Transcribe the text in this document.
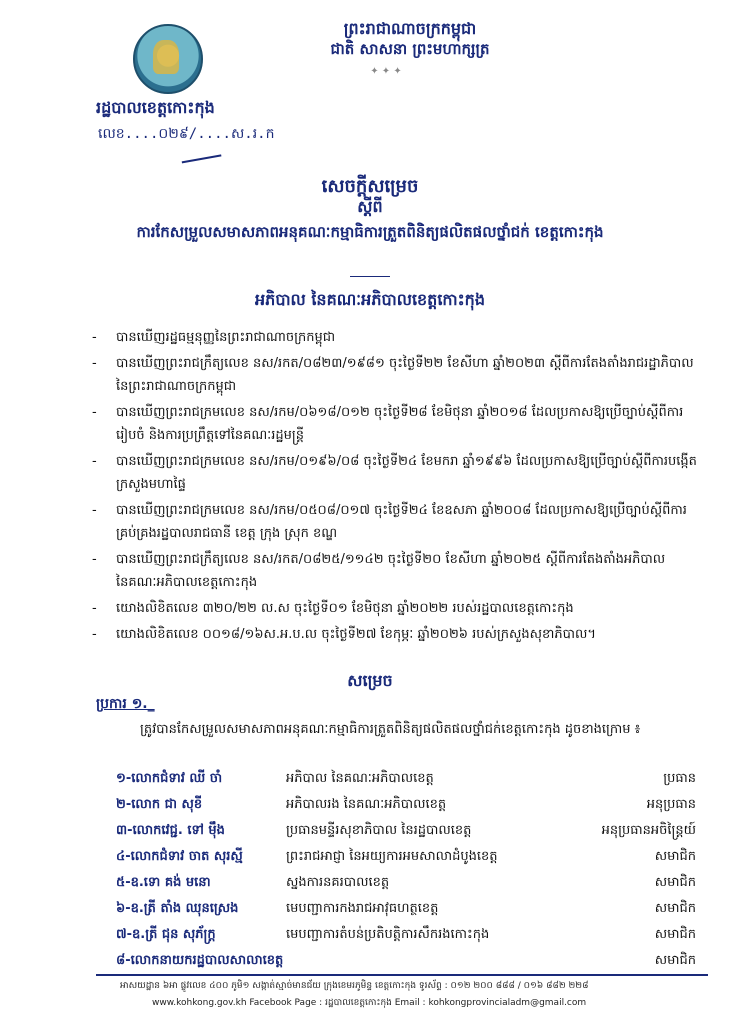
ព្រះរាជាណាចក្រកម្ពុជា
ជាតិ សាសនា ព្រះមហាក្សត្រ
✦ ✦ ✦
រដ្ឋបាលខេត្តកោះកុង
លេខ....០២៩/....ស.រ.ក
សេចក្តីសម្រេច
ស្តីពី
ការកែសម្រួលសមាសភាពអនុគណៈកម្មាធិការត្រួតពិនិត្យផលិតផលថ្នាំជក់ ខេត្តកោះកុង
អភិបាល នៃគណៈអភិបាលខេត្តកោះកុង
- បានឃើញរដ្ឋធម្មនុញ្ញនៃព្រះរាជាណាចក្រកម្ពុជា
- បានឃើញព្រះរាជក្រឹត្យលេខ នស/រកត/០៨២៣/១៩៨១ ចុះថ្ងៃទី២២ ខែសីហា ឆ្នាំ២០២៣ ស្តីពីការតែងតាំងរាជរដ្ឋាភិបាល នៃព្រះរាជាណាចក្រកម្ពុជា
- បានឃើញព្រះរាជក្រមលេខ នស/រកម/០៦១៨/០១២ ចុះថ្ងៃទី២៨ ខែមិថុនា ឆ្នាំ២០១៨ ដែលប្រកាសឱ្យប្រើច្បាប់ស្តីពីការរៀបចំ និងការប្រព្រឹត្តទៅនៃគណៈរដ្ឋមន្ត្រី
- បានឃើញព្រះរាជក្រមលេខ នស/រកម/០១៩៦/០៨ ចុះថ្ងៃទី២៤ ខែមករា ឆ្នាំ១៩៩៦ ដែលប្រកាសឱ្យប្រើច្បាប់ស្តីពីការបង្កើតក្រសួងមហាផ្ទៃ
- បានឃើញព្រះរាជក្រមលេខ នស/រកម/០៥០៨/០១៧ ចុះថ្ងៃទី២៤ ខែឧសភា ឆ្នាំ២០០៨ ដែលប្រកាសឱ្យប្រើច្បាប់ស្តីពីការគ្រប់គ្រងរដ្ឋបាលរាជធានី ខេត្ត ក្រុង ស្រុក ខណ្ឌ
- បានឃើញព្រះរាជក្រឹត្យលេខ នស/រកត/០៨២៥/១១៤២ ចុះថ្ងៃទី២០ ខែសីហា ឆ្នាំ២០២៥ ស្តីពីការតែងតាំងអភិបាលនៃគណៈអភិបាលខេត្តកោះកុង
- យោងលិខិតលេខ ៣២០/២២ ល.ស ចុះថ្ងៃទី០១ ខែមិថុនា ឆ្នាំ២០២២ របស់រដ្ឋបាលខេត្តកោះកុង
- យោងលិខិតលេខ ០០១៨/១៦ស.អ.ប.ល ចុះថ្ងៃទី២៧ ខែកុម្ភៈ ឆ្នាំ២០២៦ របស់ក្រសួងសុខាភិបាល។
សម្រេច
ប្រការ ១._
ត្រូវបានកែសម្រួលសមាសភាពអនុគណៈកម្មាធិការត្រួតពិនិត្យផលិតផលថ្នាំជក់ខេត្តកោះកុង ដូចខាងក្រោម ៖
១-លោកជំទាវ ឈី ចាំ	អភិបាល នៃគណៈអភិបាលខេត្ត	ប្រធាន
២-លោក ជា សុខី	អភិបាលរង នៃគណៈអភិបាលខេត្ត	អនុប្រធាន
៣-លោកវេជ្ជ. ទៅ ម៉ឹង	ប្រធានមន្ទីរសុខាភិបាល នៃរដ្ឋបាលខេត្ត	អនុប្រធានអចិន្ត្រៃយ៍
៤-លោកជំទាវ ចាត សុរស្មី	ព្រះរាជអាជ្ញា នៃអយ្យការអមសាលាដំបូងខេត្ត	សមាជិក
៥-ឧ.ទោ គង់ មនោ	ស្នងការនគរបាលខេត្ត	សមាជិក
៦-ឧ.ត្រី តាំង ឈុនស្រេង	មេបញ្ជាការកងរាជអាវុធហត្ថខេត្ត	សមាជិក
៧-ឧ.ត្រី ជុន សុភ័ក្ត្រ	មេបញ្ជាការតំបន់ប្រតិបត្តិការសឹករងកោះកុង	សមាជិក
៨-លោកនាយករដ្ឋបាលសាលាខេត្ត		សមាជិក
អាសយដ្ឋាន ៦អា ផ្លូវលេខ ៤០០ ភូមិ១ សង្កាត់ស្មាច់មានជ័យ ក្រុងខេមរភូមិន្ទ ខេត្តកោះកុង ទូរស័ព្ទ : ០១២ ២០០ ៨៨៨ / ០១៦ ៨៨២ ២២៨
www.kohkong.gov.kh Facebook Page : រដ្ឋបាលខេត្តកោះកុង Email : kohkongprovincialadm@gmail.com
